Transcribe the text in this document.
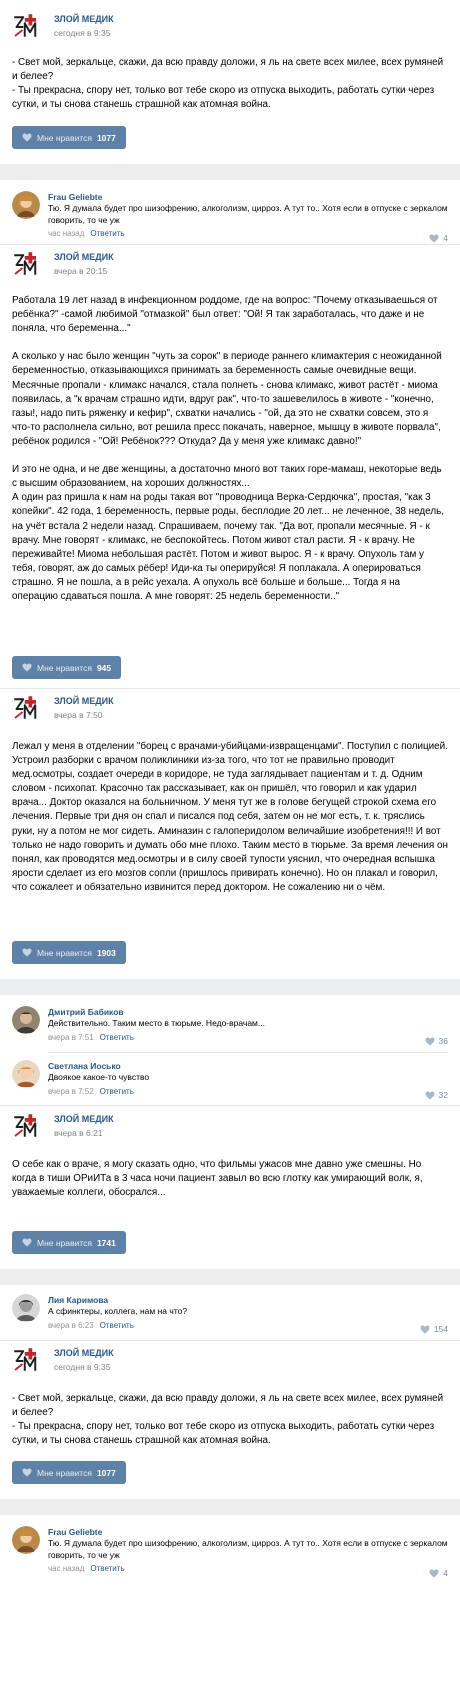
ЗЛОЙ МЕДИК
сегодня в 9:35

- Свет мой, зеркальце, скажи, да всю правду доложи, я ль на свете всех милее, всех румяней и белее?

- Ты прекрасна, спору нет, только вот тебе скоро из отпуска выходить, работать сутки через сутки, и ты снова станешь страшной как атомная война.

Мне нравится 1077
Frau Geliebte
Тю. Я думала будет про шизофрению, алкоголизм, цирроз. А тут то.. Хотя если в отпуске с зеркалом говорить, то че уж
час назад Ответить	4
ЗЛОЙ МЕДИК
вчера в 20:15

Работала 19 лет назад в инфекционном роддоме, где на вопрос: "Почему отказываешься от ребёнка?" -самой любимой "отмазкой" был ответ: "Ой! Я так заработалась, что даже и не поняла, что беременна..."

А сколько у нас было женщин "чуть за сорок" в периоде раннего климактерия с неожиданной беременностью, отказывающихся принимать за беременность самые очевидные вещи. Месячные пропали - климакс начался, стала полнеть - снова климакс, живот растёт - миома появилась, а "к врачам страшно идти, вдруг рак", что-то зашевелилось в животе - "конечно, газы!, надо пить ряженку и кефир", схватки начались - "ой, да это не схватки совсем, это я что-то располнела сильно, вот решила пресс покачать, наверное, мышцу в животе порвала", ребёнок родился - "Ой! Ребёнок??? Откуда? Да у меня уже климакс давно!"

И это не одна, и не две женщины, а достаточно много вот таких горе-мамаш, некоторые ведь с высшим образованием, на хороших должностях...

А один раз пришла к нам на роды такая вот "проводница Верка-Сердючка", простая, "как 3 копейки". 42 года, 1 беременность, первые роды, бесплодие 20 лет... не леченное, 38 недель, на учёт встала 2 недели назад. Спрашиваем, почему так. "Да вот, пропали месячные. Я - к врачу. Мне говорят - климакс, не беспокойтесь. Потом живот стал расти. Я - к врачу. Не переживайте! Миома небольшая растёт. Потом и живот вырос. Я - к врачу. Опухоль там у тебя, говорят, аж до самых рёбер! Иди-ка ты оперируйся! Я поплакала. А оперироваться страшно. Я не пошла, а в рейс уехала. А опухоль всё больше и больше... Тогда я на операцию сдаваться пошла. А мне говорят: 25 недель беременности.."

Мне нравится 945
ЗЛОЙ МЕДИК
вчера в 7:50

Лежал у меня в отделении "борец с врачами-убийцами-извращенцами". Поступил с полицией. Устроил разборки с врачом поликлиники из-за того, что тот не правильно проводит мед.осмотры, создает очереди в коридоре, не туда заглядывает пациентам и т. д. Одним словом - психопат. Красочно так рассказывает, как он пришёл, что говорил и как ударил врача... Доктор оказался на больничном. У меня тут же в голове бегущей строкой схема его лечения. Первые три дня он спал и писался под себя, затем он не мог есть, т. к. тряслись руки, ну а потом не мог сидеть. Аминазин с галоперидолом величайшие изобретения!!! И вот только не надо говорить и думать обо мне плохо. Таким место в тюрьме. За время лечения он понял, как проводятся мед.осмотры и в силу своей тупости уяснил, что очередная вспышка ярости сделает из его мозгов сопли (пришлось привирать конечно). Но он плакал и говорил, что сожалеет и обязательно извинится перед доктором. Не сожалению ни о чём.

Мне нравится 1903
Дмитрий Бабиков
Действительно. Таким место в тюрьме. Недо-врачам...
вчера в 7:51 Ответить	36
Светлана Иосько
Двоякое какое-то чувство
вчера в 7:52 Ответить	32
ЗЛОЙ МЕДИК
вчера в 6:21

О себе как о враче, я могу сказать одно, что фильмы ужасов мне давно уже смешны. Но когда в тиши ОРиИТа в 3 часа ночи пациент завыл во всю глотку как умирающий волк, я, уважаемые коллеги, обосрался...

Мне нравится 1741
Лия Каримова
А сфинктеры, коллега, нам на что?
вчера в 6:23 Ответить	154
ЗЛОЙ МЕДИК
сегодня в 9:35

- Свет мой, зеркальце, скажи, да всю правду доложи, я ль на свете всех милее, всех румяней и белее?

- Ты прекрасна, спору нет, только вот тебе скоро из отпуска выходить, работать сутки через сутки, и ты снова станешь страшной как атомная война.

Мне нравится 1077
Frau Geliebte
Тю. Я думала будет про шизофрению, алкоголизм, цирроз. А тут то.. Хотя если в отпуске с зеркалом говорить, то че уж
час назад Ответить	4
